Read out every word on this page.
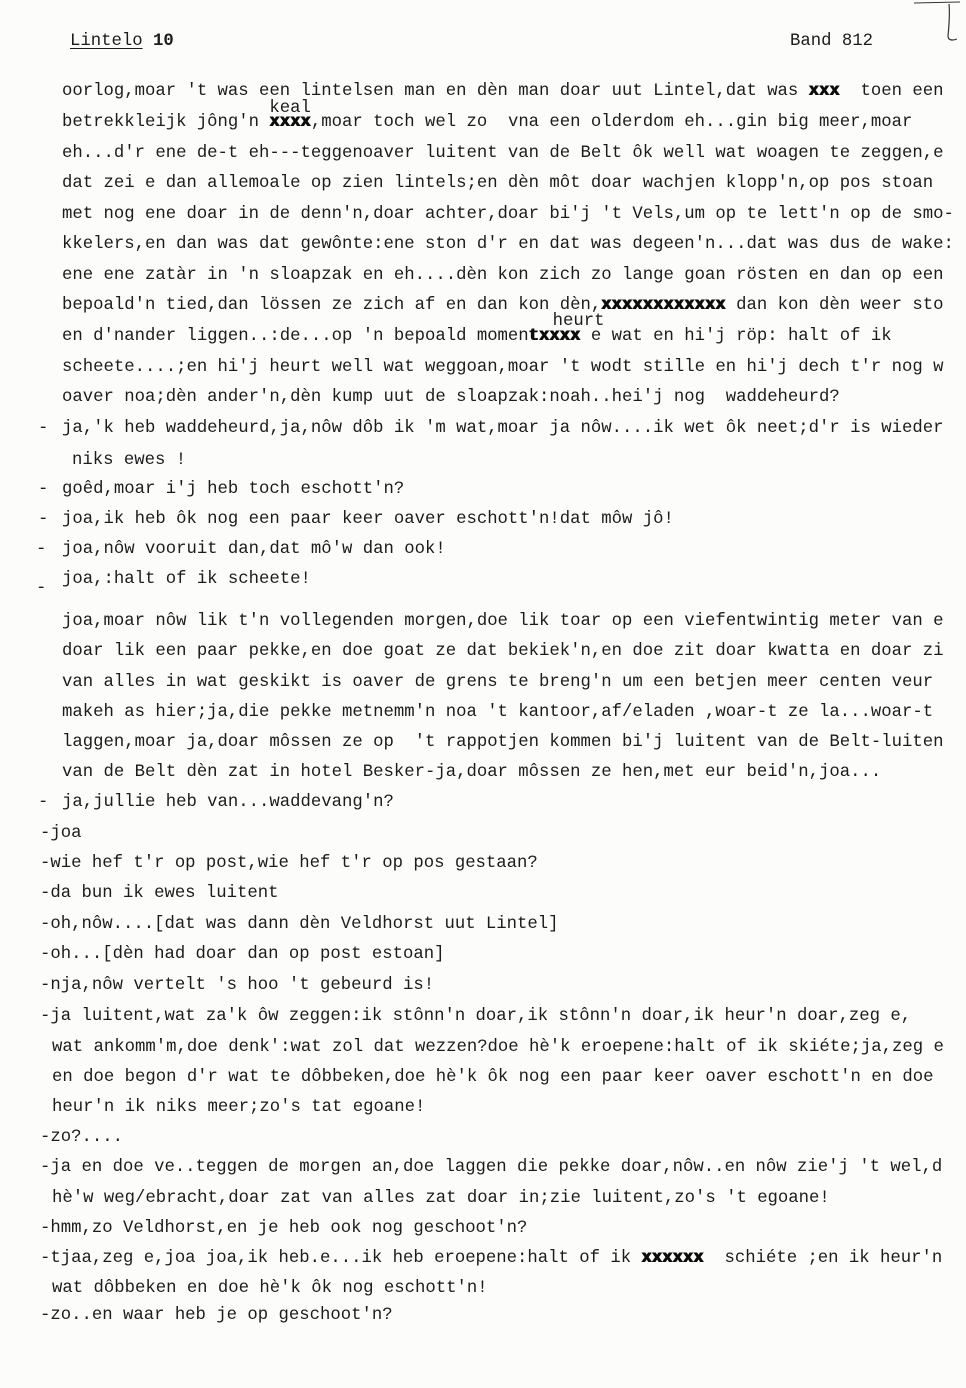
Lintelo 10	Band 812
oorlog,moar 't was een lintelsen man en dèn man doar uut Lintel,dat was xxx  toen een
betrekkleijk jông'n xxxx
keal
,moar toch wel zo  vna een olderdom eh...gin big meer,moar
eh...d'r ene de-t eh---teggenoaver luitent van de Belt ôk well wat woagen te zeggen,e
dat zei e dan allemoale op zien lintels;en dèn môt doar wachjen klopp'n,op pos stoan
met nog ene doar in de denn'n,doar achter,doar bi'j 't Vels,um op te lett'n op de smo-
kkelers,en dan was dat gewônte:ene ston d'r en dat was degeen'n...dat was dus de wake:
ene ene zatàr in 'n sloapzak en eh....dèn kon zich zo lange goan rösten en dan op een
bepoald'n tied,dan lössen ze zich af en dan kon dèn,xxxxxxxxxxxx dan kon dèn weer sto
en d'nander liggen..:de...op 'n bepoald momentxxxx
heurt
e wat en hi'j röp: halt of ik
scheete....;en hi'j heurt well wat weggoan,moar 't wodt stille en hi'j dech t'r nog w
oaver noa;dèn ander'n,dèn kump uut de sloapzak:noah..hei'j nog  waddeheurd?
- ja,'k heb waddeheurd,ja,nôw dôb ik 'm wat,moar ja nôw....ik wet ôk neet;d'r is wieder
niks ewes !
- goêd,moar i'j heb toch eschott'n?
- joa,ik heb ôk nog een paar keer oaver eschott'n!dat môw jô!
- joa,nôw vooruit dan,dat mô'w dan ook!
- joa,:halt of ik scheete!
joa,moar nôw lik t'n vollegenden morgen,doe lik toar op een viefentwintig meter van e
doar lik een paar pekke,en doe goat ze dat bekiek'n,en doe zit doar kwatta en doar zi
van alles in wat geskikt is oaver de grens te breng'n um een betjen meer centen veur
makeh as hier;ja,die pekke metnemm'n noa 't kantoor,af/eladen ,woar-t ze la...woar-t
laggen,moar ja,doar môssen ze op  't rappotjen kommen bi'j luitent van de Belt-luiten
van de Belt dèn zat in hotel Besker-ja,doar môssen ze hen,met eur beid'n,joa...
- ja,jullie heb van...waddevang'n?
-joa
-wie hef t'r op post,wie hef t'r op pos gestaan?
-da bun ik ewes luitent
-oh,nôw....[dat was dann dèn Veldhorst uut Lintel]
-oh...[dèn had doar dan op post estoan]
-nja,nôw vertelt 's hoo 't gebeurd is!
-ja luitent,wat za'k ôw zeggen:ik stônn'n doar,ik stônn'n doar,ik heur'n doar,zeg e,
wat ankomm'm,doe denk':wat zol dat wezzen?doe hè'k eroepene:halt of ik skiéte;ja,zeg e
en doe begon d'r wat te dôbbeken,doe hè'k ôk nog een paar keer oaver eschott'n en doe
heur'n ik niks meer;zo's tat egoane!
-zo?....
-ja en doe ve..teggen de morgen an,doe laggen die pekke doar,nôw..en nôw zie'j 't wel,d
hè'w weg/ebracht,doar zat van alles zat doar in;zie luitent,zo's 't egoane!
-hmm,zo Veldhorst,en je heb ook nog geschoot'n?
-tjaa,zeg e,joa joa,ik heb.e...ik heb eroepene:halt of ik xxxxxx  schiéte ;en ik heur'n
wat dôbbeken en doe hè'k ôk nog eschott'n!
-zo..en waar heb je op geschoot'n?
